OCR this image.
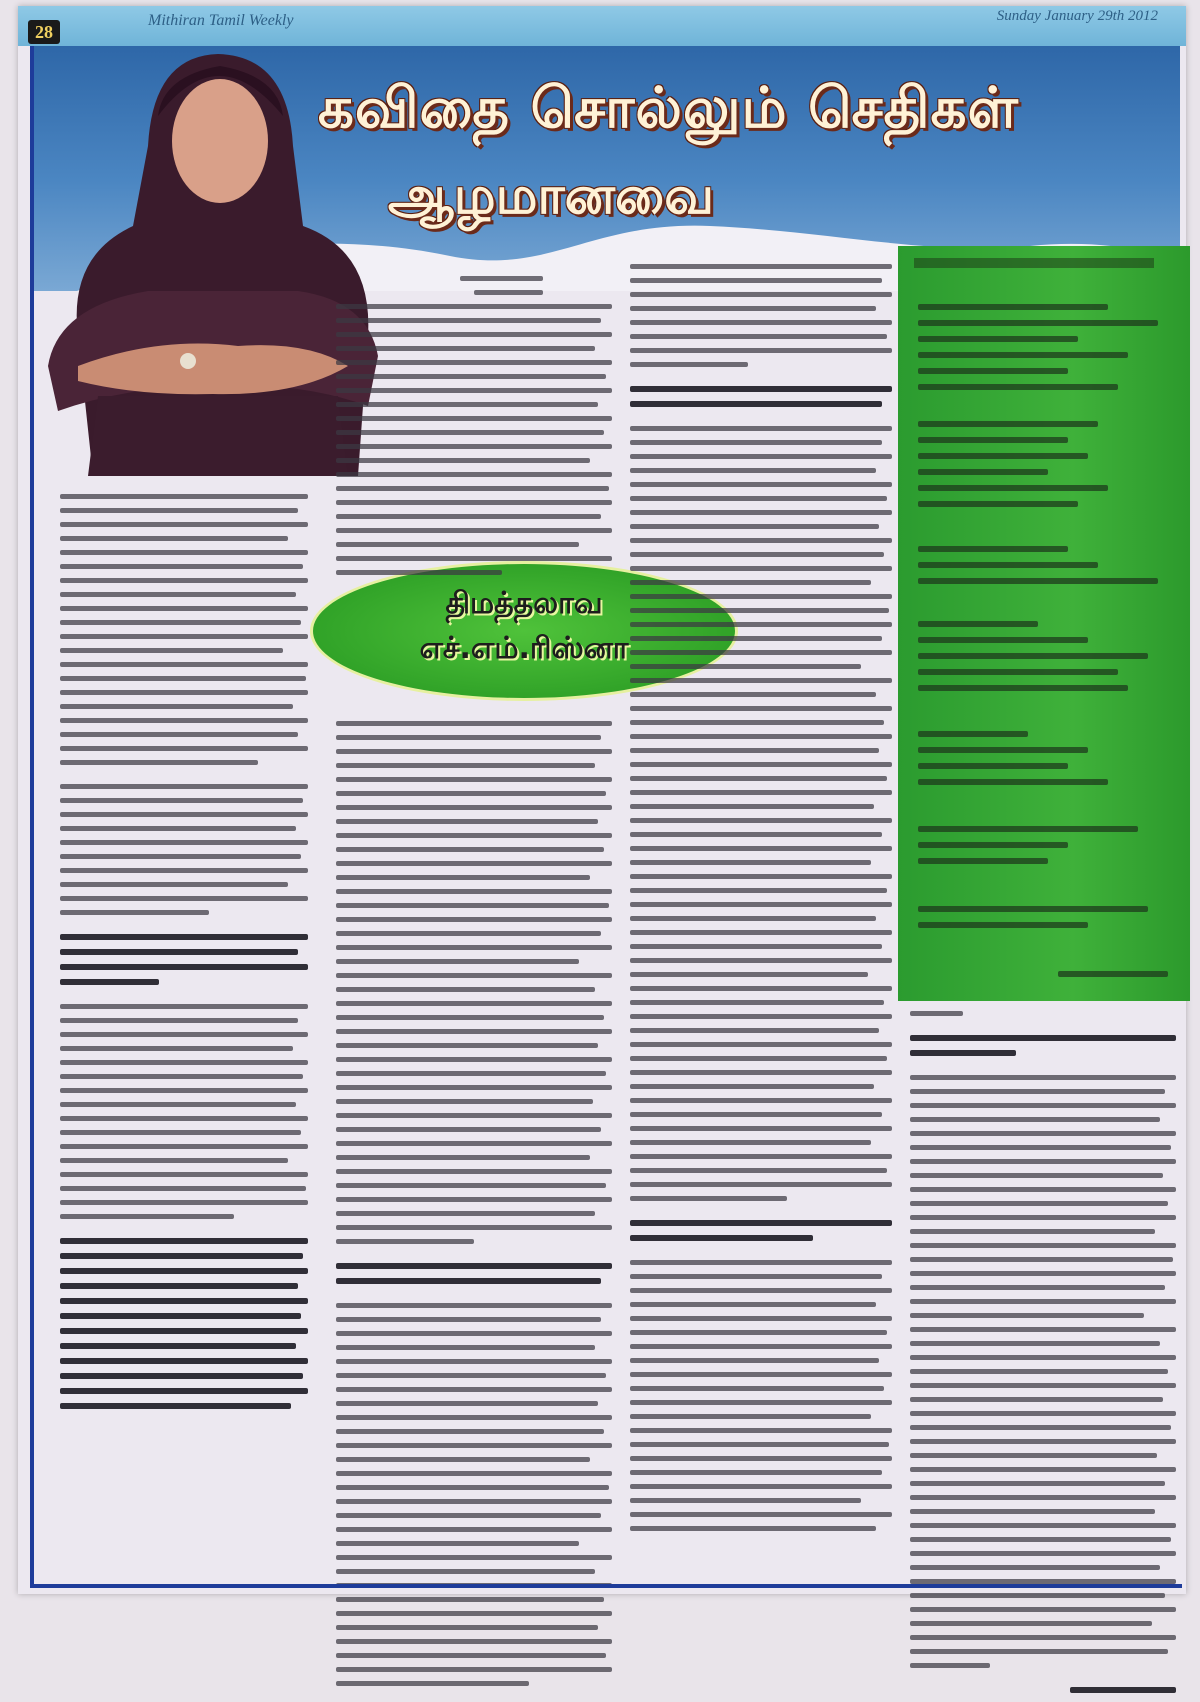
28
Mithiran Tamil Weekly	Sunday January 29th 2012
கவிதை சொல்லும் செதிகள்
ஆழமானவை
திமத்தலாவ
எச்.எம்.ரிஸ்னா
